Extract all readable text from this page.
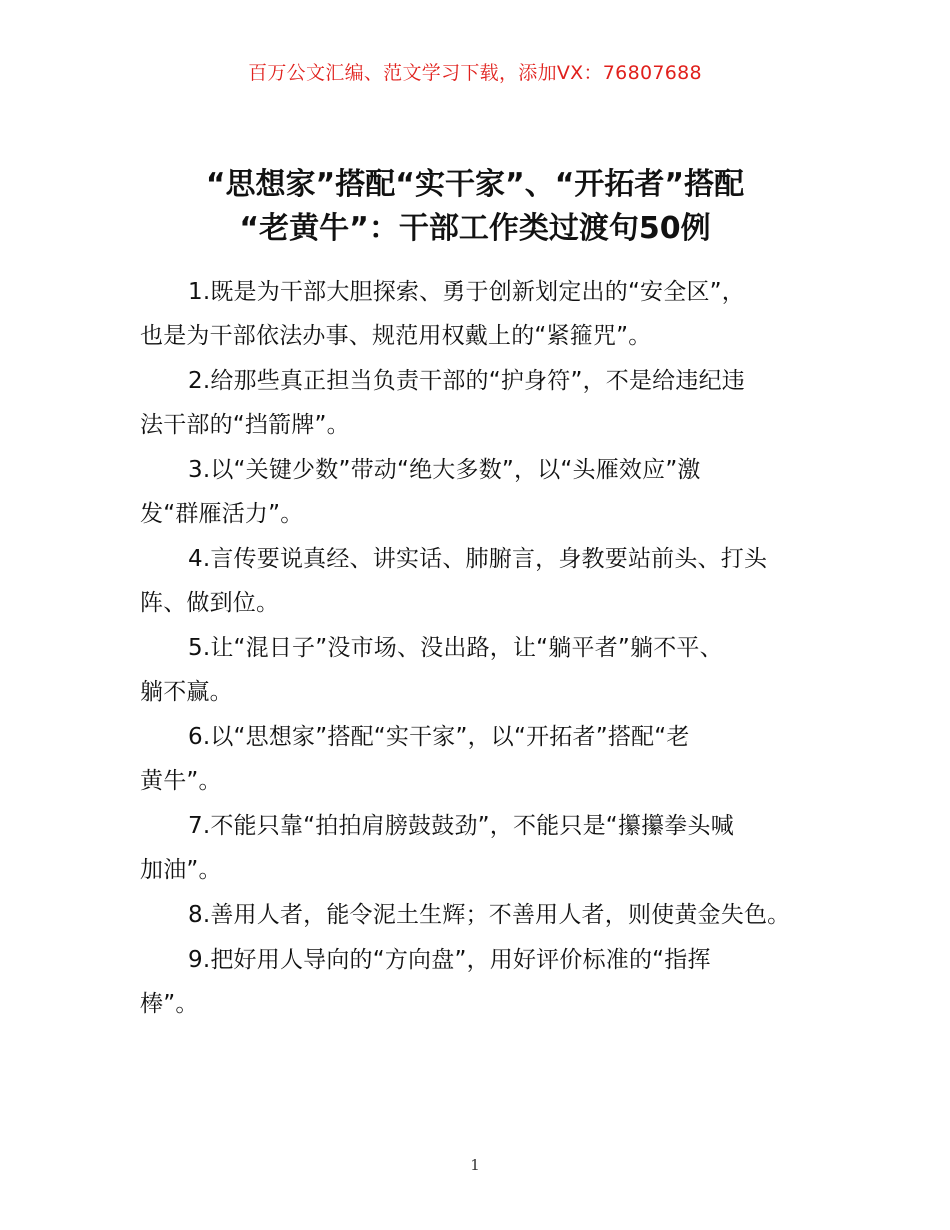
百万公文汇编、范文学习下载，添加VX：76807688
“思想家”搭配“实干家”、“开拓者”搭配
“老黄牛”：干部工作类过渡句50例
1.既是为干部大胆探索、勇于创新划定出的“安全区”，
也是为干部依法办事、规范用权戴上的“紧箍咒”。
2.给那些真正担当负责干部的“护身符”，不是给违纪违
法干部的“挡箭牌”。
3.以“关键少数”带动“绝大多数”，以“头雁效应”激
发“群雁活力”。
4.言传要说真经、讲实话、肺腑言，身教要站前头、打头
阵、做到位。
5.让“混日子”没市场、没出路，让“躺平者”躺不平、
躺不赢。
6.以“思想家”搭配“实干家”，以“开拓者”搭配“老
黄牛”。
7.不能只靠“拍拍肩膀鼓鼓劲”，不能只是“攥攥拳头喊
加油”。
8.善用人者，能令泥土生辉；不善用人者，则使黄金失色。
9.把好用人导向的“方向盘”，用好评价标准的“指挥
棒”。
1
